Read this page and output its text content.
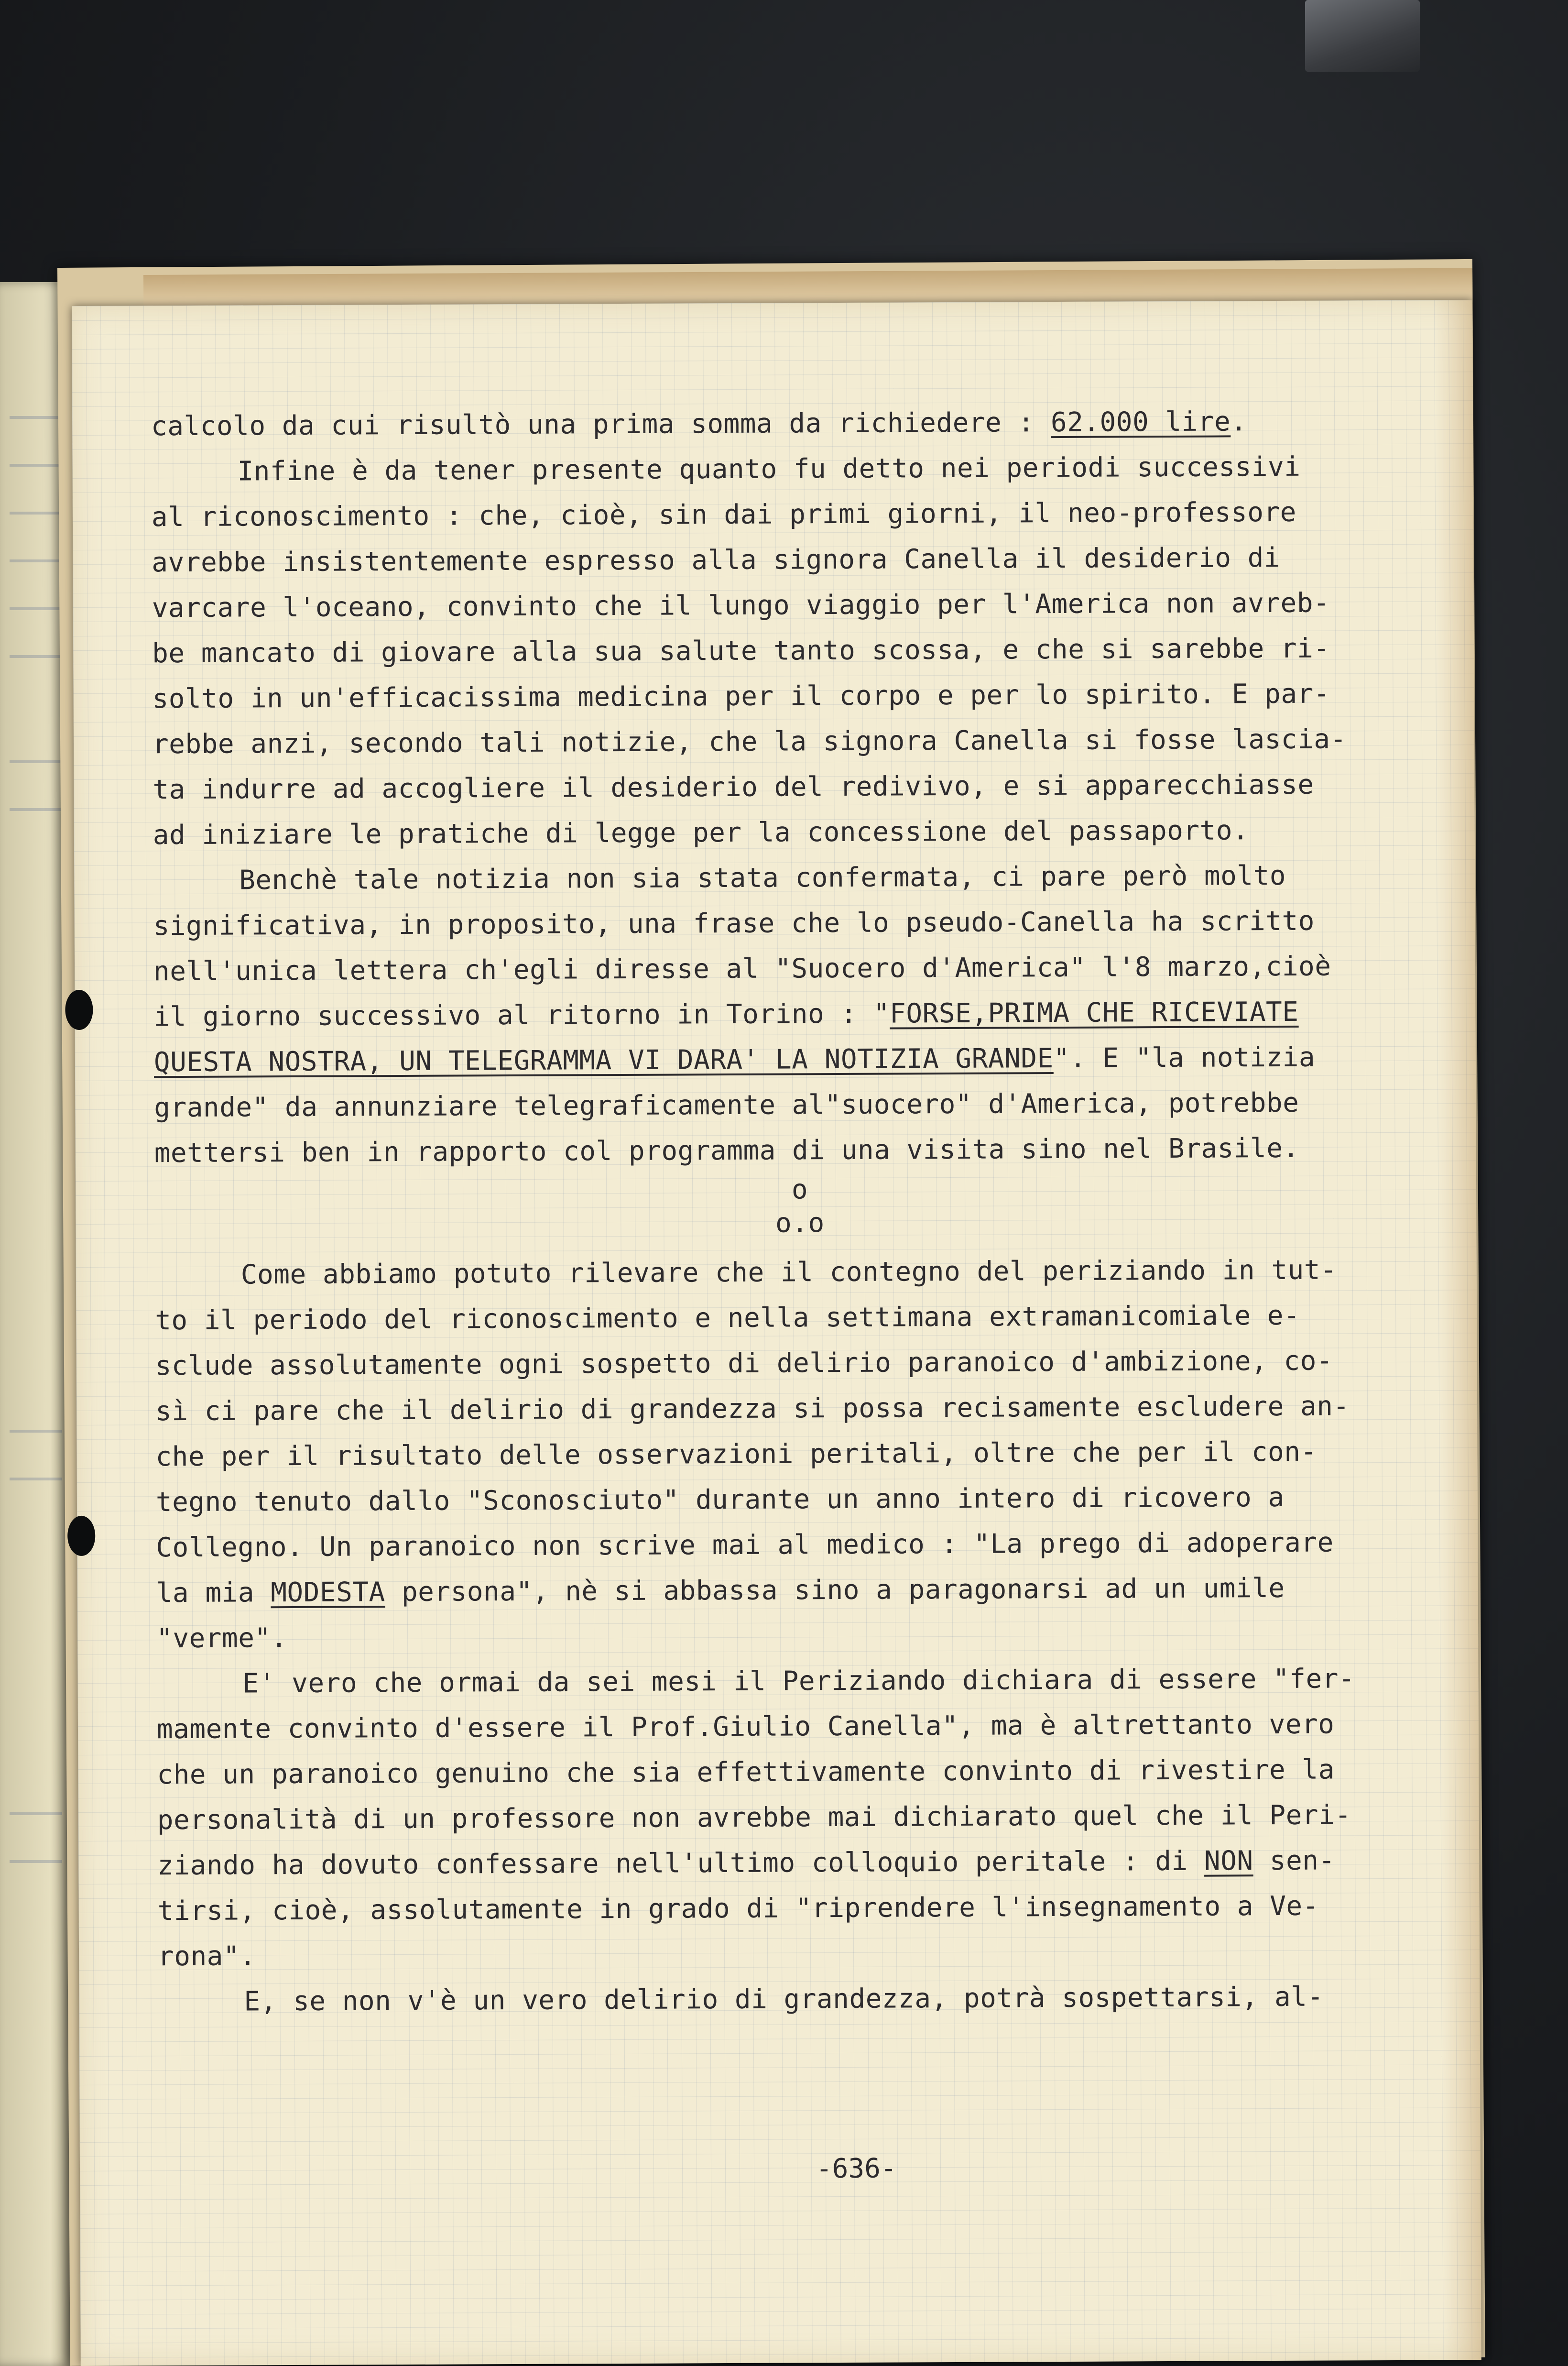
calcolo da cui risultò una prima somma da richiedere : 62.000 lire.
Infine è da tener presente quanto fu detto nei periodi successivi
al riconoscimento : che, cioè, sin dai primi giorni, il neo-professore
avrebbe insistentemente espresso alla signora Canella il desiderio di
varcare l'oceano, convinto che il lungo viaggio per l'America non avreb-
be mancato di giovare alla sua salute tanto scossa, e che si sarebbe ri-
solto in un'efficacissima medicina per il corpo e per lo spirito. E par-
rebbe anzi, secondo tali notizie, che la signora Canella si fosse lascia-
ta indurre ad accogliere il desiderio del redivivo, e si apparecchiasse
ad iniziare le pratiche di legge per la concessione del passaporto.
Benchè tale notizia non sia stata confermata, ci pare però molto
significativa, in proposito, una frase che lo pseudo-Canella ha scritto
nell'unica lettera ch'egli diresse al "Suocero d'America" l'8 marzo,cioè
il giorno successivo al ritorno in Torino : "FORSE,PRIMA CHE RICEVIATE
QUESTA NOSTRA, UN TELEGRAMMA VI DARA' LA NOTIZIA GRANDE". E "la notizia
grande" da annunziare telegraficamente al"suocero" d'America, potrebbe
mettersi ben in rapporto col programma di una visita sino nel Brasile.
o
o.o
Come abbiamo potuto rilevare che il contegno del periziando in tut-
to il periodo del riconoscimento e nella settimana extramanicomiale e-
sclude assolutamente ogni sospetto di delirio paranoico d'ambizione, co-
sì ci pare che il delirio di grandezza si possa recisamente escludere an-
che per il risultato delle osservazioni peritali, oltre che per il con-
tegno tenuto dallo "Sconosciuto" durante un anno intero di ricovero a
Collegno. Un paranoico non scrive mai al medico : "La prego di adoperare
la mia MODESTA persona", nè si abbassa sino a paragonarsi ad un umile
"verme".
E' vero che ormai da sei mesi il Periziando dichiara di essere "fer-
mamente convinto d'essere il Prof.Giulio Canella", ma è altrettanto vero
che un paranoico genuino che sia effettivamente convinto di rivestire la
personalità di un professore non avrebbe mai dichiarato quel che il Peri-
ziando ha dovuto confessare nell'ultimo colloquio peritale : di NON sen-
tirsi, cioè, assolutamente in grado di "riprendere l'insegnamento a Ve-
rona".
E, se non v'è un vero delirio di grandezza, potrà sospettarsi, al-
-636-
